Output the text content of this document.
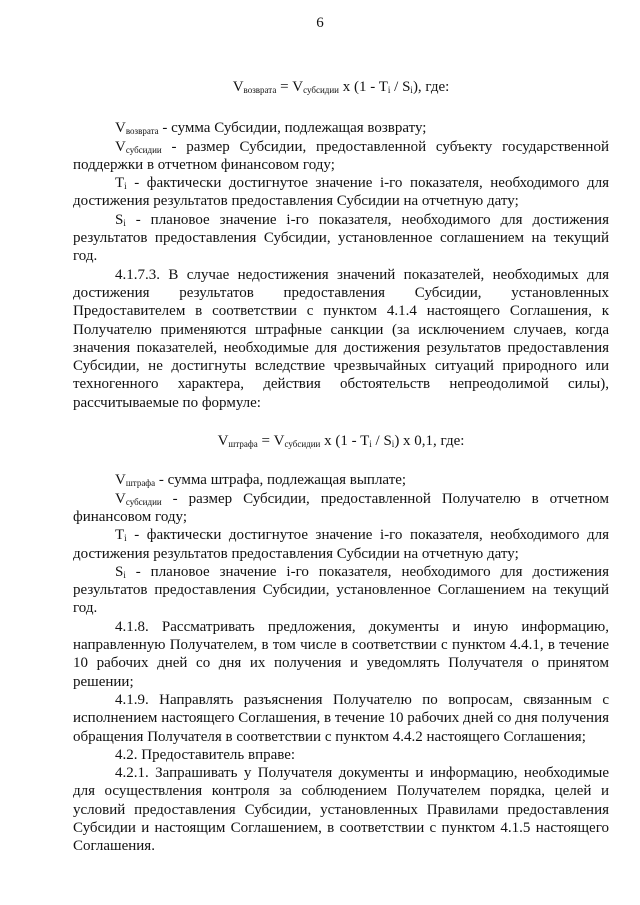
6
$V_{возврата} = V_{субсидии}$ x $(1 - T_i / S_i)$, где:

$V_{возврата}$ - сумма Субсидии, подлежащая возврату;

$V_{субсидии}$ - размер Субсидии, предоставленной субъекту государственной поддержки в отчетном финансовом году;

$T_i$ - фактически достигнутое значение i-го показателя, необходимого для достижения результатов предоставления Субсидии на отчетную дату;

$S_i$ - плановое значение i-го показателя, необходимого для достижения результатов предоставления Субсидии, установленное соглашением на текущий год.

4.1.7.3. В случае недостижения значений показателей, необходимых для достижения результатов предоставления Субсидии, установленных Предоставителем в соответствии с пунктом 4.1.4 настоящего Соглашения, к Получателю применяются штрафные санкции (за исключением случаев, когда значения показателей, необходимые для достижения результатов предоставления Субсидии, не достигнуты вследствие чрезвычайных ситуаций природного или техногенного характера, действия обстоятельств непреодолимой силы), рассчитываемые по формуле:

$V_{штрафа} = V_{субсидии}$ x $(1 - T_i / S_i)$ x 0,1, где:

$V_{штрафа}$ - сумма штрафа, подлежащая выплате;

$V_{субсидии}$ - размер Субсидии, предоставленной Получателю в отчетном финансовом году;

$T_i$ - фактически достигнутое значение i-го показателя, необходимого для достижения результатов предоставления Субсидии на отчетную дату;

$S_i$ - плановое значение i-го показателя, необходимого для достижения результатов предоставления Субсидии, установленное Соглашением на текущий год.

4.1.8. Рассматривать предложения, документы и иную информацию, направленную Получателем, в том числе в соответствии с пунктом 4.4.1, в течение 10 рабочих дней со дня их получения и уведомлять Получателя о принятом решении;

4.1.9. Направлять разъяснения Получателю по вопросам, связанным с исполнением настоящего Соглашения, в течение 10 рабочих дней со дня получения обращения Получателя в соответствии с пунктом 4.4.2 настоящего Соглашения;

4.2. Предоставитель вправе:

4.2.1. Запрашивать у Получателя документы и информацию, необходимые для осуществления контроля за соблюдением Получателем порядка, целей и условий предоставления Субсидии, установленных Правилами предоставления Субсидии и настоящим Соглашением, в соответствии с пунктом 4.1.5 настоящего Соглашения.
